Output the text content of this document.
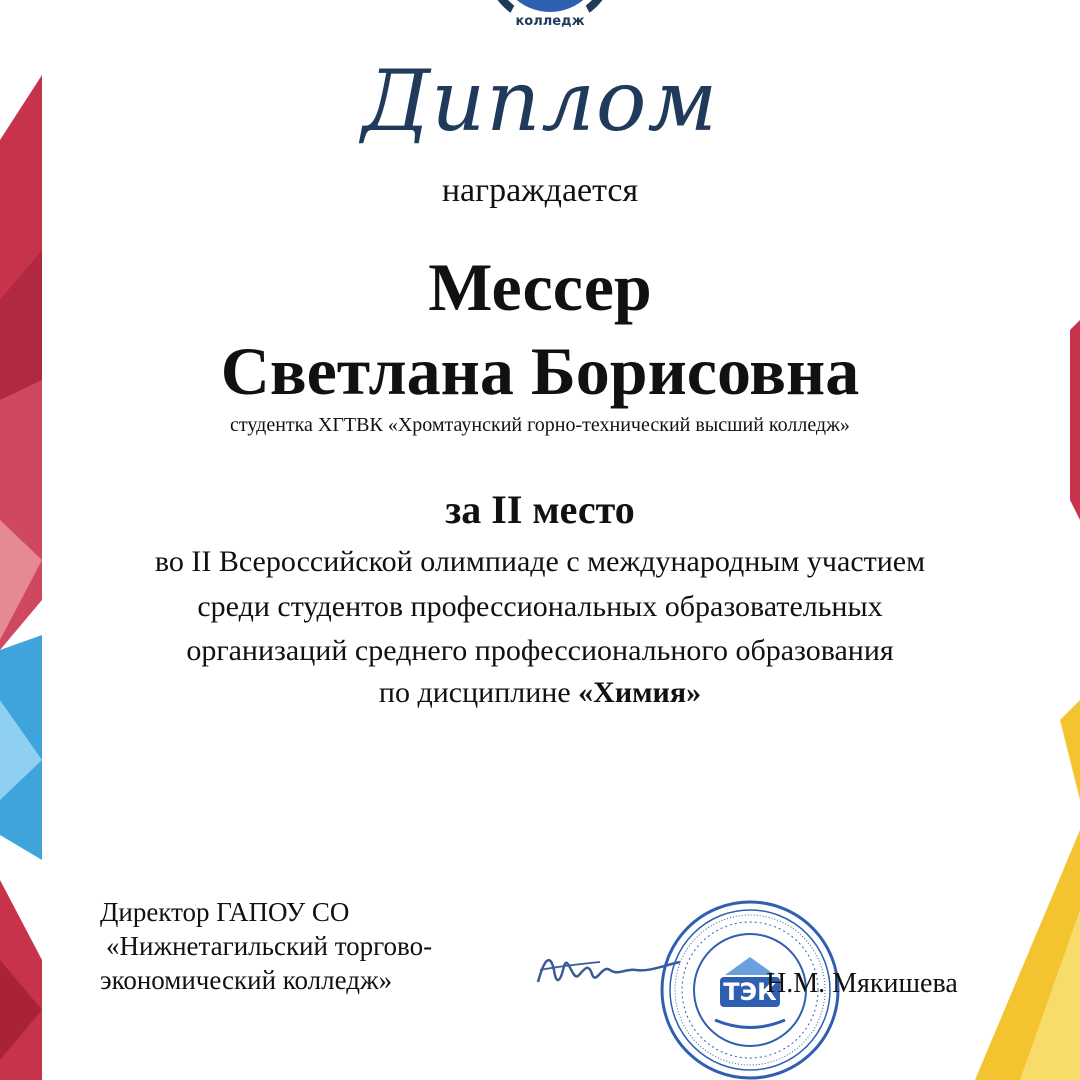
колледж
Диплом
награждается
Мессер
Светлана Борисовна
студентка ХГТВК «Хромтаунский горно-технический высший колледж»
за II место
во II Всероссийской олимпиаде с международным участием
среди студентов профессиональных образовательных
организаций среднего профессионального образования
по дисциплине «Химия»
Директор ГАПОУ СО
«Нижнетагильский торгово-
экономический колледж»	ТЭК
Н.М. Мякишева
